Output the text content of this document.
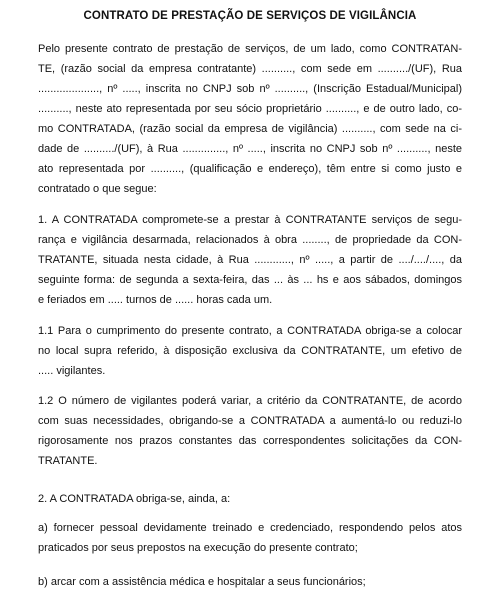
CONTRATO DE PRESTAÇÃO DE SERVIÇOS DE VIGILÂNCIA
Pelo presente contrato de prestação de serviços, de um lado, como CONTRATAN-
TE, (razão social da empresa contratante) .........., com sede em ........../(UF), Rua
...................., nº ....., inscrita no CNPJ sob nº .........., (Inscrição Estadual/Municipal)
.........., neste ato representada por seu sócio proprietário .........., e de outro lado, co-
mo CONTRATADA, (razão social da empresa de vigilância) .........., com sede na ci-
dade de ........../(UF), à Rua .............., nº ....., inscrita no CNPJ sob nº .........., neste
ato representada por .........., (qualificação e endereço), têm entre si como justo e
contratado o que segue:
1. A CONTRATADA compromete-se a prestar à CONTRATANTE serviços de segu-
rança e vigilância desarmada, relacionados à obra ........, de propriedade da CON-
TRATANTE, situada nesta cidade, à Rua ............, nº ....., a partir de ..../..../...., da
seguinte forma: de segunda a sexta-feira, das ... às ... hs e aos sábados, domingos
e feriados em ..... turnos de ...... horas cada um.
1.1 Para o cumprimento do presente contrato, a CONTRATADA obriga-se a colocar
no local supra referido, à disposição exclusiva da CONTRATANTE, um efetivo de
..... vigilantes.
1.2 O número de vigilantes poderá variar, a critério da CONTRATANTE, de acordo
com suas necessidades, obrigando-se a CONTRATADA a aumentá-lo ou reduzi-lo
rigorosamente nos prazos constantes das correspondentes solicitações da CON-
TRATANTE.
2. A CONTRATADA obriga-se, ainda, a:
a) fornecer pessoal devidamente treinado e credenciado, respondendo pelos atos
praticados por seus prepostos na execução do presente contrato;
b) arcar com a assistência médica e hospitalar a seus funcionários;
